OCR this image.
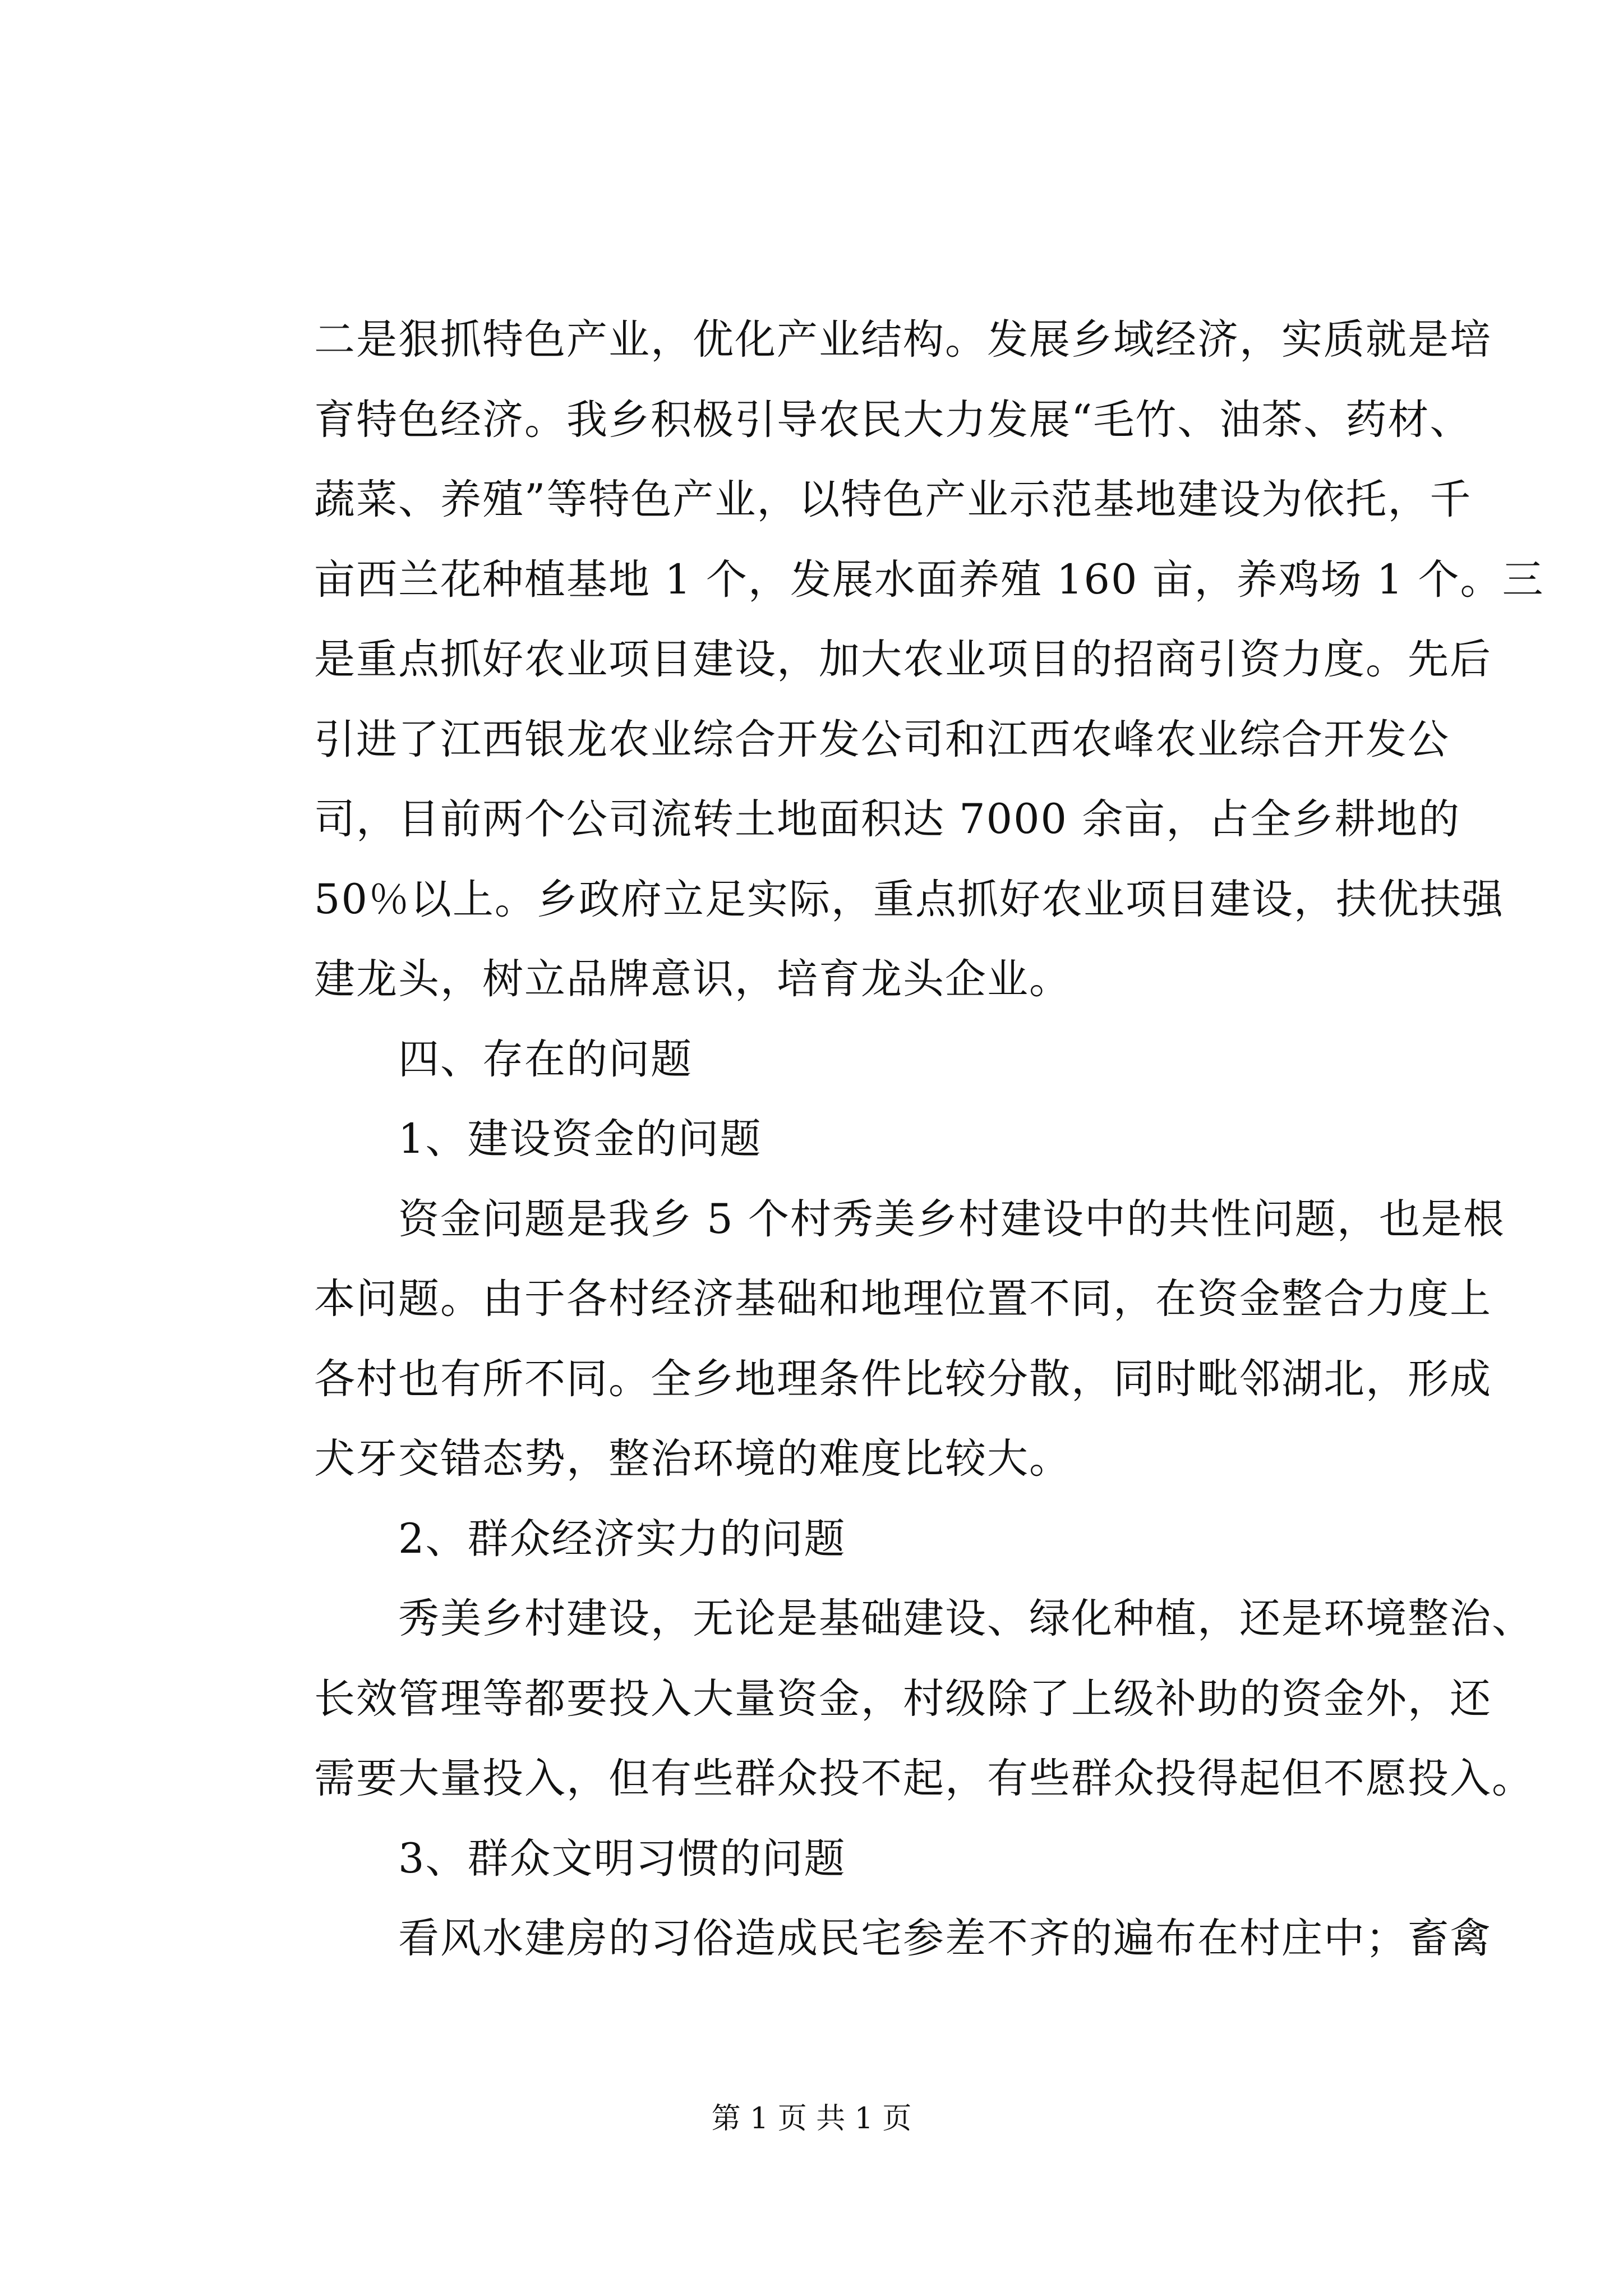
二是狠抓特色产业，优化产业结构。发展乡域经济，实质就是培
育特色经济。我乡积极引导农民大力发展“毛竹、油茶、药材、
蔬菜、养殖”等特色产业，以特色产业示范基地建设为依托，千
亩西兰花种植基地 1 个，发展水面养殖 160 亩，养鸡场 1 个。三
是重点抓好农业项目建设，加大农业项目的招商引资力度。先后
引进了江西银龙农业综合开发公司和江西农峰农业综合开发公
司，目前两个公司流转土地面积达 7000 余亩，占全乡耕地的
50％以上。乡政府立足实际，重点抓好农业项目建设，扶优扶强
建龙头，树立品牌意识，培育龙头企业。
四、存在的问题
1、建设资金的问题
资金问题是我乡 5 个村秀美乡村建设中的共性问题，也是根
本问题。由于各村经济基础和地理位置不同，在资金整合力度上
各村也有所不同。全乡地理条件比较分散，同时毗邻湖北，形成
犬牙交错态势，整治环境的难度比较大。
2、群众经济实力的问题
秀美乡村建设，无论是基础建设、绿化种植，还是环境整治、
长效管理等都要投入大量资金，村级除了上级补助的资金外，还
需要大量投入，但有些群众投不起，有些群众投得起但不愿投入。
3、群众文明习惯的问题
看风水建房的习俗造成民宅参差不齐的遍布在村庄中；畜禽
第 1 页 共 1 页
